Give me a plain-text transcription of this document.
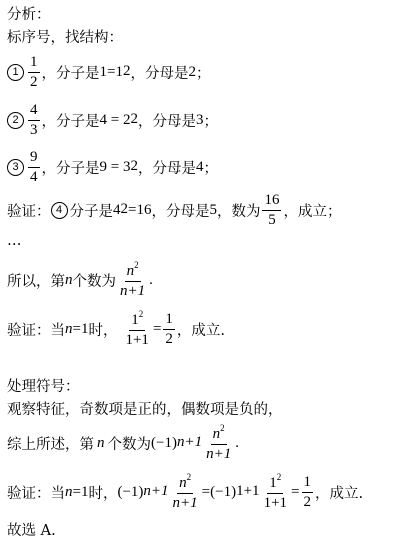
分析：
标序号，找结构：
$1 \frac{1}{2}$ ，分子是 $1=1^2$ ，分母是 2 ；
$2 \frac{4}{3}$ ，分子是 $4 = 2^2$ ，分母是 3 ；
$3 \frac{9}{4}$ ，分子是 $9 = 3^2$ ，分母是 4 ；
验证： 4 分子是 $4^2 =16$ ，分母是 5 ，数为 $\frac{16}{5}$ ，成立；
…
所以，第 n 个数为 $\frac{n^2}{n+1}$ .
验证：当 n =1 时， $\frac{1^2}{1+1} = \frac{1}{2}$ ，成立.
处理符号：
观察特征，奇数项是正的，偶数项是负的，
综上所述，第 n 个数为 $(-1)^{n+1} \frac{n^2}{n+1}$ .
验证：当 n =1 时， $(-1)^{n+1} \frac{n^2}{n+1} = (-1)^{1+1} \frac{1^2}{1+1} = \frac{1}{2}$ ，成立.
故选 A.
